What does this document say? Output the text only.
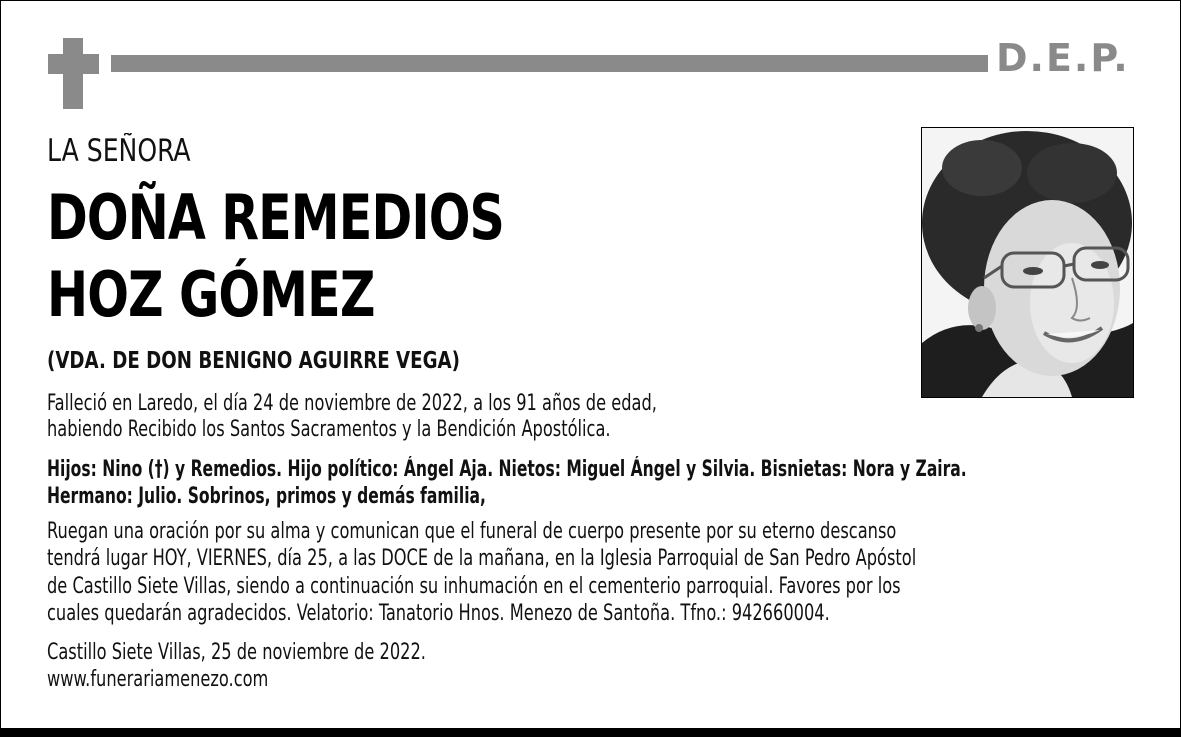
D.E.P.

LA SEÑORA

DOÑA REMEDIOS

HOZ GÓMEZ

(VDA. DE DON BENIGNO AGUIRRE VEGA)

Falleció en Laredo, el día 24 de noviembre de 2022, a los 91 años de edad,

habiendo Recibido los Santos Sacramentos y la Bendición Apostólica.

Hijos: Nino (†) y Remedios. Hijo político: Ángel Aja. Nietos: Miguel Ángel y Silvia. Bisnietas: Nora y Zaira.

Hermano: Julio. Sobrinos, primos y demás familia,

Ruegan una oración por su alma y comunican que el funeral de cuerpo presente por su eterno descanso

tendrá lugar HOY, VIERNES, día 25, a las DOCE de la mañana, en la Iglesia Parroquial de San Pedro Apóstol

de Castillo Siete Villas, siendo a continuación su inhumación en el cementerio parroquial. Favores por los

cuales quedarán agradecidos. Velatorio: Tanatorio Hnos. Menezo de Santoña. Tfno.: 942660004.

Castillo Siete Villas, 25 de noviembre de 2022.

www.funerariamenezo.com
